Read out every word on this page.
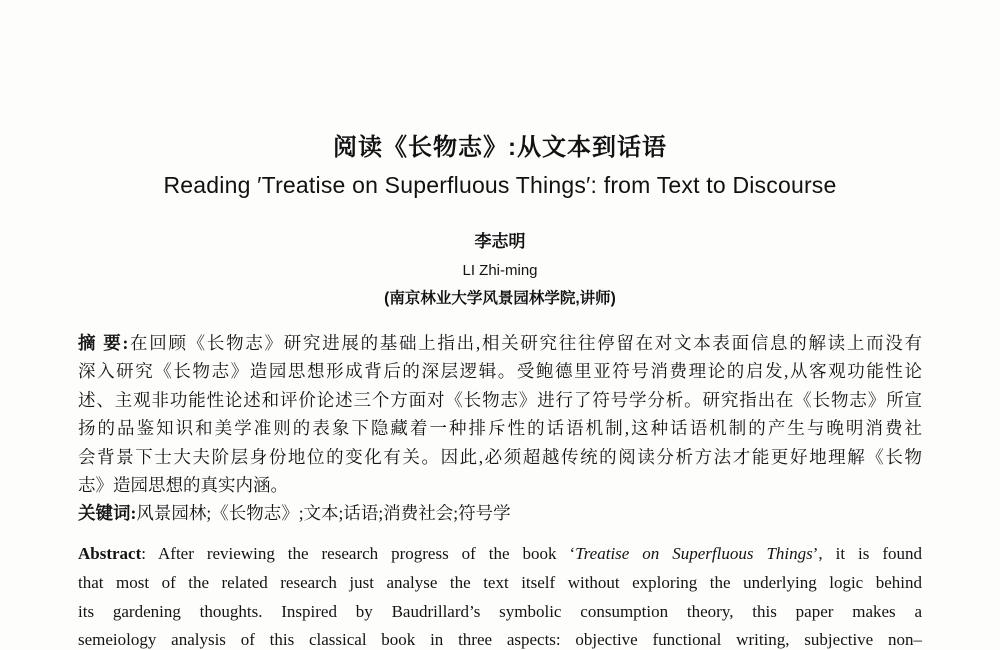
阅读《长物志》:从文本到话语
Reading ′Treatise on Superfluous Things′: from Text to Discourse
李志明
LI Zhi-ming
(南京林业大学风景园林学院,讲师)

摘 要:在回顾《长物志》研究进展的基础上指出,相关研究往往停留在对文本表面信息的解读上而没有

深入研究《长物志》造园思想形成背后的深层逻辑。受鲍德里亚符号消费理论的启发,从客观功能性论

述、主观非功能性论述和评价论述三个方面对《长物志》进行了符号学分析。研究指出在《长物志》所宣

扬的品鉴知识和美学准则的表象下隐藏着一种排斥性的话语机制,这种话语机制的产生与晚明消费社

会背景下士大夫阶层身份地位的变化有关。因此,必须超越传统的阅读分析方法才能更好地理解《长物

志》造园思想的真实内涵。

关键词:风景园林;《长物志》;文本;话语;消费社会;符号学

Abstract: After reviewing the research progress of the book ‘Treatise on Superfluous Things’, it is found

that most of the related research just analyse the text itself without exploring the underlying logic behind

its gardening thoughts. Inspired by Baudrillard’s symbolic consumption theory, this paper makes a

semeiology analysis of this classical book in three aspects: objective functional writing, subjective non–
